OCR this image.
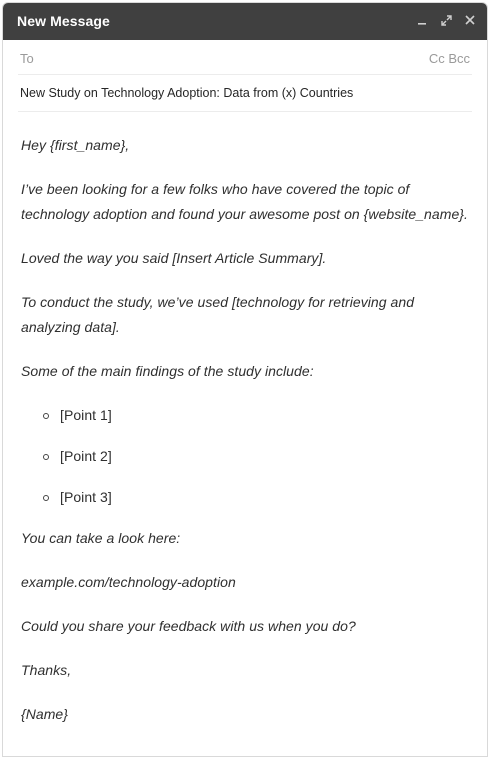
New Message
To	Cc Bcc
New Study on Technology Adoption: Data from (x) Countries

Hey {first_name},

I’ve been looking for a few folks who have covered the topic of technology adoption and found your awesome post on {website_name}.

Loved the way you said [Insert Article Summary].

To conduct the study, we’ve used [technology for retrieving and analyzing data].

Some of the main findings of the study include:

[Point 1]
[Point 2]
[Point 3]

You can take a look here:

example.com/technology-adoption

Could you share your feedback with us when you do?

Thanks,

{Name}
